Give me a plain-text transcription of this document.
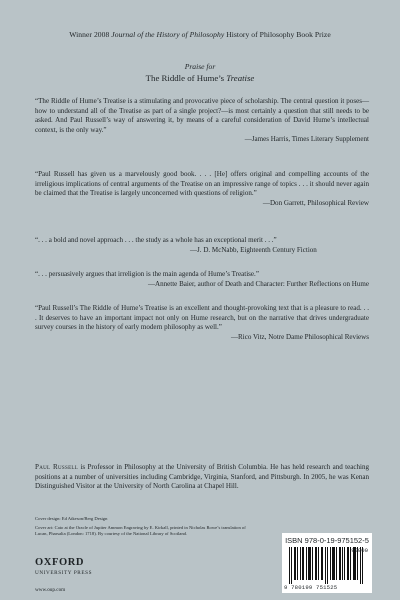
Winner 2008 Journal of the History of Philosophy History of Philosophy Book Prize
Praise for
The Riddle of Hume’s Treatise
“The Riddle of Hume’s Treatise is a stimulating and provocative piece of scholarship. The central question it poses—how to understand all of the Treatise as part of a single project?—is most certainly a question that still needs to be asked. And Paul Russell’s way of answering it, by means of a careful consideration of David Hume’s intellectual context, is the only way.”
—James Harris, Times Literary Supplement
“Paul Russell has given us a marvelously good book. . . . [He] offers original and compelling accounts of the irreligious implications of central arguments of the Treatise on an impressive range of topics . . . it should never again be claimed that the Treatise is largely unconcerned with questions of religion.”
—Don Garrett, Philosophical Review
“. . . a bold and novel approach . . . the study as a whole has an exceptional merit . . .”
—J. D. McNabb, Eighteenth Century Fiction
“. . . persuasively argues that irreligion is the main agenda of Hume’s Treatise.”
—Annette Baier, author of Death and Character: Further Reflections on Hume
“Paul Russell’s The Riddle of Hume’s Treatise is an excellent and thought-provoking text that is a pleasure to read. . . . It deserves to have an important impact not only on Hume research, but on the narrative that drives undergraduate survey courses in the history of early modern philosophy as well.”
—Rico Vitz, Notre Dame Philosophical Reviews
Paul Russell is Professor in Philosophy at the University of British Columbia. He has held research and teaching positions at a number of universities including Cambridge, Virginia, Stanford, and Pittsburgh. In 2005, he was Kenan Distinguished Visitor at the University of North Carolina at Chapel Hill.
Cover design: Ed Atkeson/Berg Design
Cover art: Cato at the Oracle of Jupiter Ammon Engraving by E. Kirkall, printed in Nicholas Rowe’s translation of Lucan, Pharsalia (London: 1718). By courtesy of the National Library of Scotland.
OXFORD
UNIVERSITY PRESS
www.oup.com
ISBN 978-0-19-975152-5
9 780199 751525
90000
